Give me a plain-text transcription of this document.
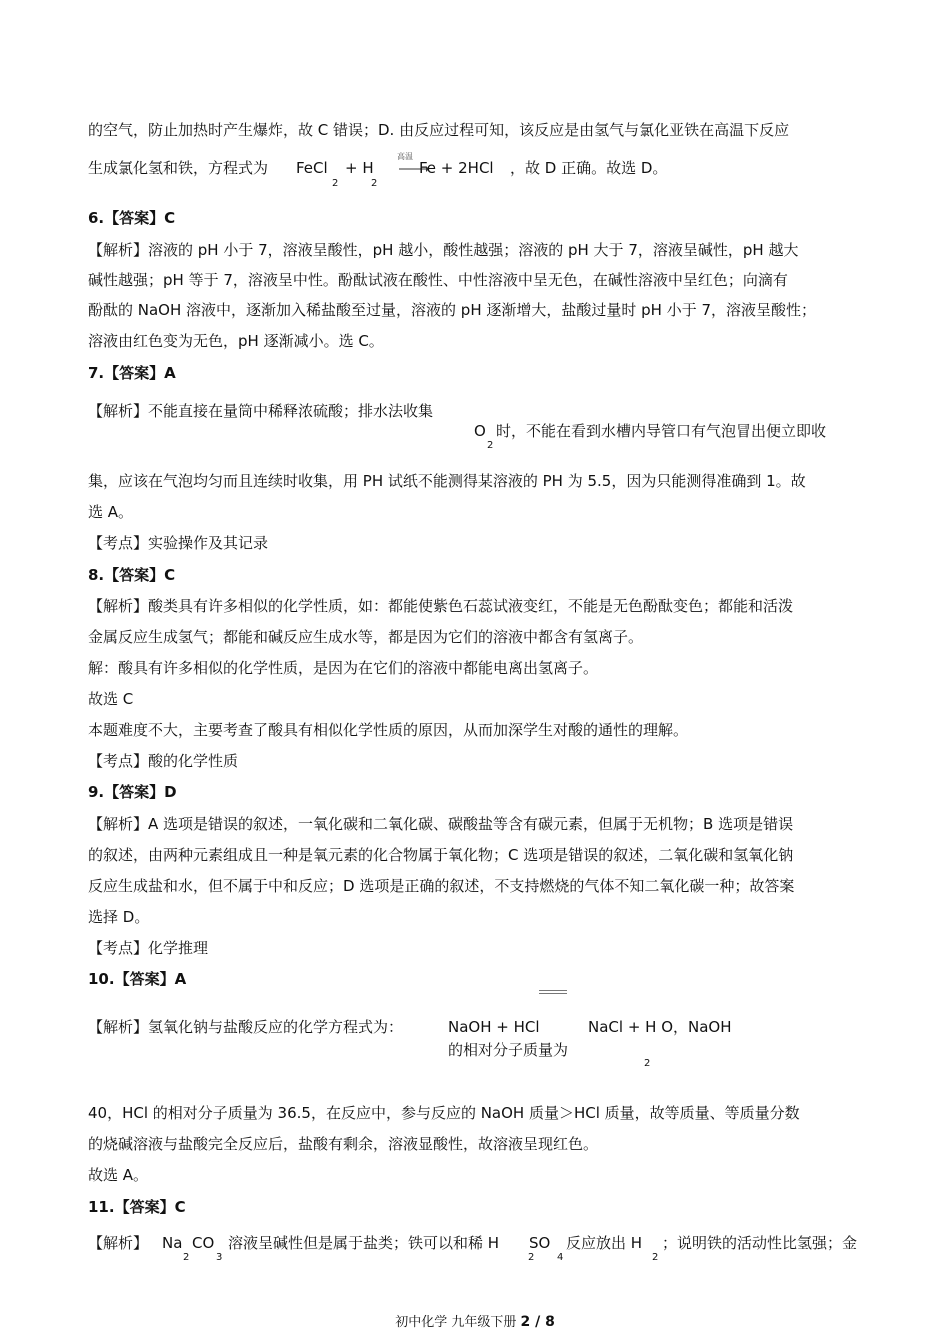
的空气，防止加热时产生爆炸，故 C 错误；D. 由反应过程可知，该反应是由氢气与氯化亚铁在高温下反应
生成氯化氢和铁，方程式为 FeCl
2
+ H
2
高温
Fe + 2HCl ，故 D 正确。故选 D。
6.【答案】C
【解析】溶液的 pH 小于 7，溶液呈酸性，pH 越小，酸性越强；溶液的 pH 大于 7，溶液呈碱性，pH 越大
碱性越强；pH 等于 7，溶液呈中性。酚酞试液在酸性、中性溶液中呈无色，在碱性溶液中呈红色；向滴有
酚酞的 NaOH 溶液中，逐渐加入稀盐酸至过量，溶液的 pH 逐渐增大，盐酸过量时 pH 小于 7，溶液呈酸性；
溶液由红色变为无色，pH 逐渐减小。选 C。
7.【答案】A
【解析】不能直接在量筒中稀释浓硫酸；排水法收集
O
2
时，不能在看到水槽内导管口有气泡冒出便立即收
集，应该在气泡均匀而且连续时收集，用 PH 试纸不能测得某溶液的 PH 为 5.5，因为只能测得准确到 1。故
选 A。
【考点】实验操作及其记录
8.【答案】C
【解析】酸类具有许多相似的化学性质，如：都能使紫色石蕊试液变红，不能是无色酚酞变色；都能和活泼
金属反应生成氢气；都能和碱反应生成水等，都是因为它们的溶液中都含有氢离子。
解：酸具有许多相似的化学性质，是因为在它们的溶液中都能电离出氢离子。
故选 C
本题难度不大，主要考查了酸具有相似化学性质的原因，从而加深学生对酸的通性的理解。
【考点】酸的化学性质
9.【答案】D
【解析】A 选项是错误的叙述，一氧化碳和二氧化碳、碳酸盐等含有碳元素，但属于无机物；B 选项是错误
的叙述，由两种元素组成且一种是氧元素的化合物属于氧化物；C 选项是错误的叙述，二氧化碳和氢氧化钠
反应生成盐和水，但不属于中和反应；D 选项是正确的叙述，不支持燃烧的气体不知二氧化碳一种；故答案
选择 D。
【考点】化学推理
10.【答案】A
【解析】氢氧化钠与盐酸反应的化学方程式为：	NaOH + HCl	NaCl + H O，NaOH
的相对分子质量为
2
40，HCl 的相对分子质量为 36.5，在反应中，参与反应的 NaOH 质量＞HCl 质量，故等质量、等质量分数
的烧碱溶液与盐酸完全反应后，盐酸有剩余，溶液显酸性，故溶液呈现红色。
故选 A。
11.【答案】C
【解析】 Na
2
CO
3
溶液呈碱性但是属于盐类；铁可以和稀 H SO
2 4
反应放出 H
2
；说明铁的活动性比氢强；金
初中化学 九年级下册 2 / 8
